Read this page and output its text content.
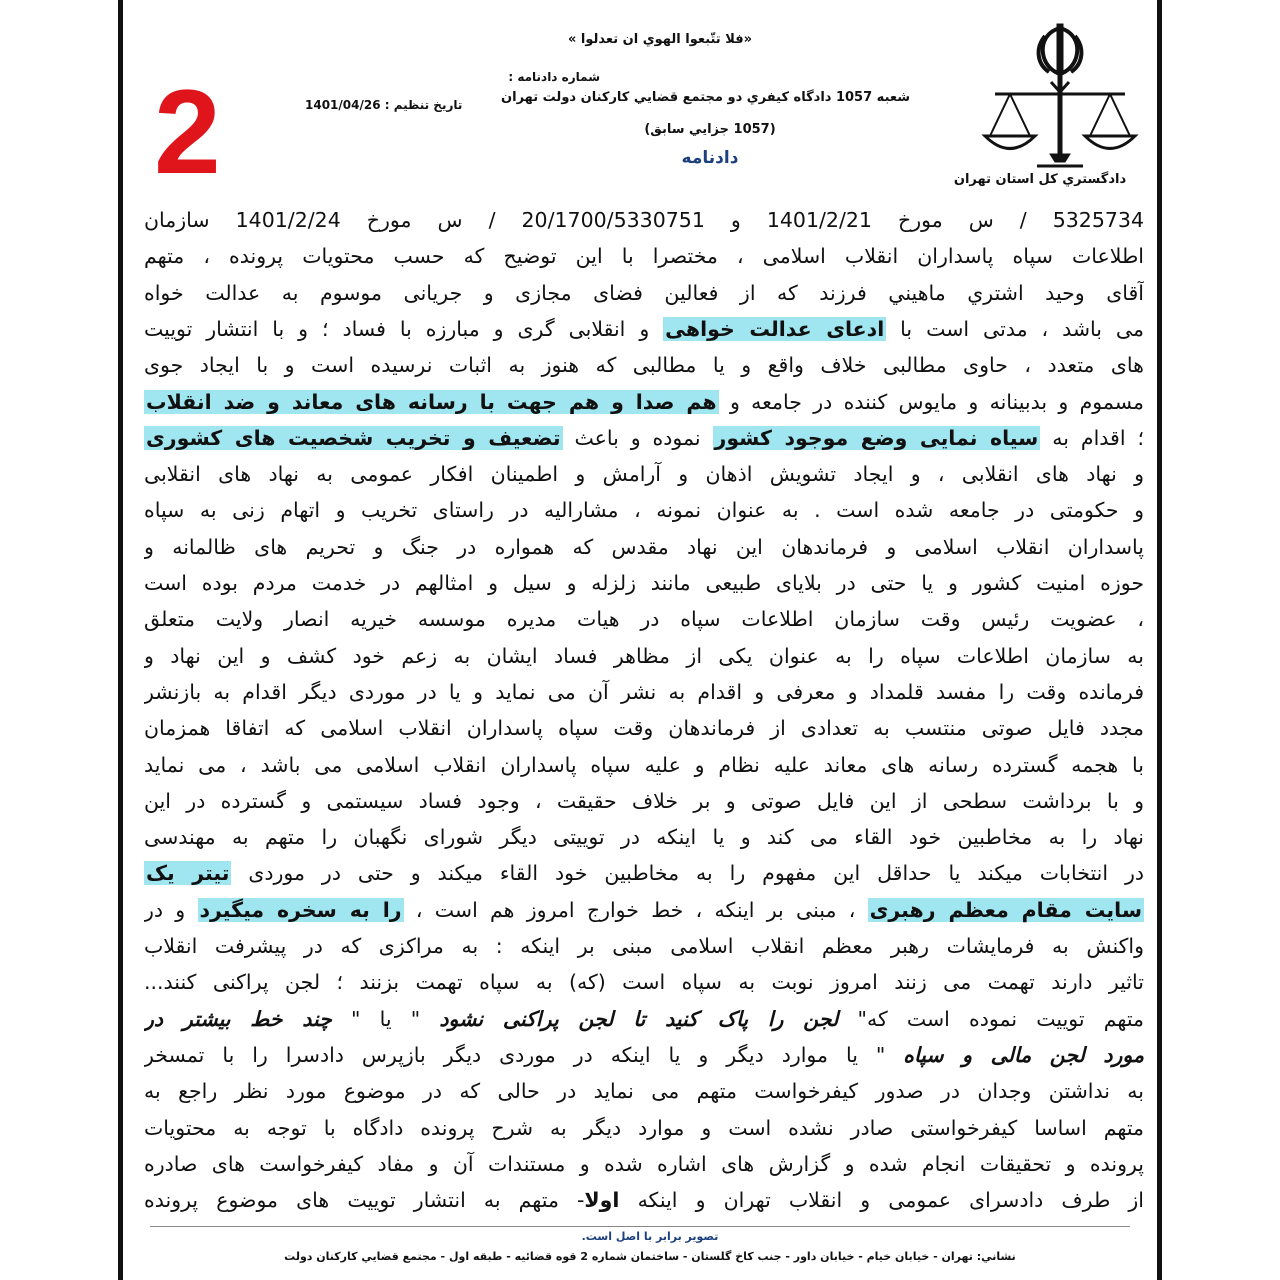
«فلا تتّبعوا الهوي ان تعدلوا »
شماره دادنامه :
شعبه 1057 دادگاه کيفري دو مجتمع قضايي کارکنان دولت تهران
تاريخ تنظيم : 1401/04/26
(1057 جزايي سابق)
دادنامه
2	دادگستري کل استان تهران
5325734 / س مورخ 1401/2/21 و 20/1700/5330751 / س مورخ 1401/2/24 سازمان
اطلاعات سپاه پاسداران انقلاب اسلامی ، مختصرا با این توضیح که حسب محتویات پرونده ، متهم
آقای وحید اشتري ماهيني فرزند که از فعالین فضای مجازی و جریانی موسوم به عدالت خواه
می باشد ، مدتی است با ادعای عدالت خواهی و انقلابی گری و مبارزه با فساد ؛ و با انتشار توییت
های متعدد ، حاوی مطالبی خلاف واقع و یا مطالبی که هنوز به اثبات نرسیده است و با ایجاد جوی
مسموم و بدبینانه و مایوس کننده در جامعه و هم صدا و هم جهت با رسانه های معاند و ضد انقلاب
؛ اقدام به سیاه نمایی وضع موجود کشور نموده و باعث تضعیف و تخریب شخصیت های کشوری
و نهاد های انقلابی ، و ایجاد تشویش اذهان و آرامش و اطمینان افکار عمومی به نهاد های انقلابی
و حکومتی در جامعه شده است . به عنوان نمونه ، مشارالیه در راستای تخریب و اتهام زنی به سپاه
پاسداران انقلاب اسلامی و فرماندهان این نهاد مقدس که همواره در جنگ و تحریم های ظالمانه و
حوزه امنیت کشور و یا حتی در بلایای طبیعی مانند زلزله و سیل و امثالهم در خدمت مردم بوده است
، عضویت رئیس وقت سازمان اطلاعات سپاه در هیات مدیره موسسه خیریه انصار ولایت متعلق
به سازمان اطلاعات سپاه را به عنوان یکی از مظاهر فساد ایشان به زعم خود کشف و این نهاد و
فرمانده وقت را مفسد قلمداد و معرفی و اقدام به نشر آن می نماید و یا در موردی دیگر اقدام به بازنشر
مجدد فایل صوتی منتسب به تعدادی از فرماندهان وقت سپاه پاسداران انقلاب اسلامی که اتفاقا همزمان
با هجمه گسترده رسانه های معاند علیه نظام و علیه سپاه پاسداران انقلاب اسلامی می باشد ، می نماید
و با برداشت سطحی از این فایل صوتی و بر خلاف حقیقت ، وجود فساد سیستمی و گسترده در این
نهاد را به مخاطبین خود القاء می کند و یا اینکه در توییتی دیگر شورای نگهبان را متهم به مهندسی
در انتخابات میکند یا حداقل این مفهوم را به مخاطبین خود القاء میکند و حتی در موردی تیتر یک
سایت مقام معظم رهبری ، مبنی بر اینکه ، خط خوارج امروز هم است ، را به سخره میگیرد و در
واکنش به فرمایشات رهبر معظم انقلاب اسلامی مبنی بر اینکه : به مراکزی که در پیشرفت انقلاب
تاثیر دارند تهمت می زنند امروز نوبت به سپاه است (که) به سپاه تهمت بزنند ؛ لجن پراکنی کنند...
متهم توییت نموده است که" لجن را پاک کنید تا لجن پراکنی نشود " یا " چند خط بیشتر در
مورد لجن مالی و سپاه " یا موارد دیگر و یا اینکه در موردی دیگر بازپرس دادسرا را با تمسخر
به نداشتن وجدان در صدور کیفرخواست متهم می نماید در حالی که در موضوع مورد نظر راجع به
متهم اساسا کیفرخواستی صادر نشده است و موارد دیگر به شرح پرونده دادگاه با توجه به محتویات
پرونده و تحقیقات انجام شده و گزارش های اشاره شده و مستندات آن و مفاد کیفرخواست های صادره
از طرف دادسرای عمومی و انقلاب تهران و اینکه اولا- متهم به انتشار توییت های موضوع پرونده
تصوير برابر با اصل است.
نشاني: تهران - خيابان خيام - خيابان داور - جنب کاخ گلستان - ساختمان شماره 2 قوه قضائيه - طبقه اول - مجتمع قضايي کارکنان دولت
